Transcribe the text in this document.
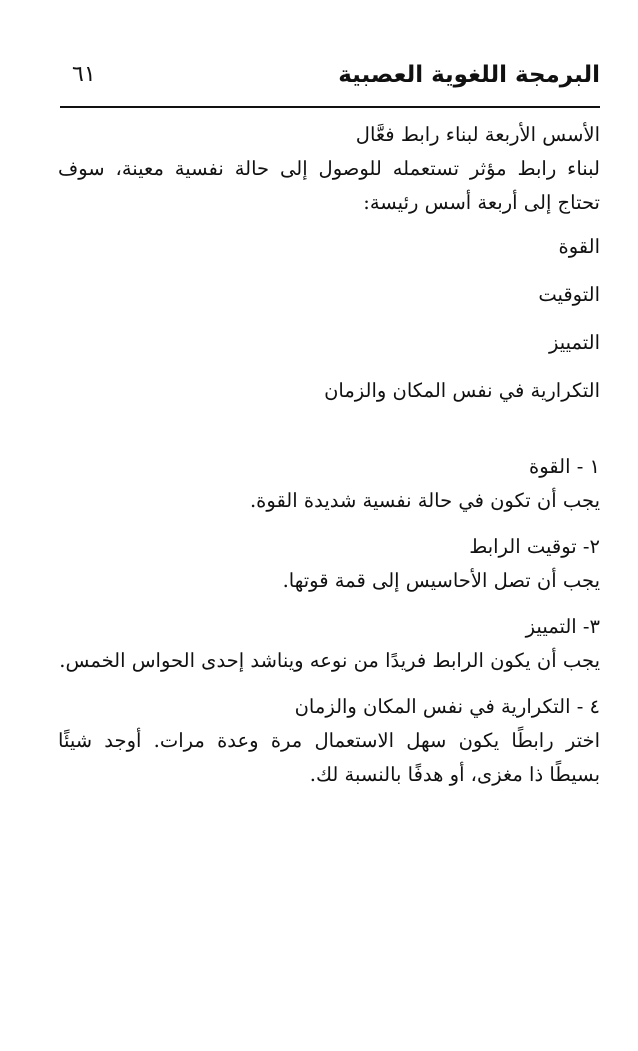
البرمجة اللغوية العصبية
٦١

الأسس الأربعة لبناء رابط فعَّال

لبناء رابط مؤثر تستعمله للوصول إلى حالة نفسية معينة، سوف تحتاج إلى أربعة أسس رئيسة:

القوة
التوقيت
التمييز
التكرارية في نفس المكان والزمان

١ - القوة

يجب أن تكون في حالة نفسية شديدة القوة.

٢- توقيت الرابط

يجب أن تصل الأحاسيس إلى قمة قوتها.

٣- التمييز

يجب أن يكون الرابط فريدًا من نوعه ويناشد إحدى الحواس الخمس.

٤ - التكرارية في نفس المكان والزمان

اختر رابطًا يكون سهل الاستعمال مرة وعدة مرات. أوجد شيئًا بسيطًا ذا مغزى، أو هدفًا بالنسبة لك.
